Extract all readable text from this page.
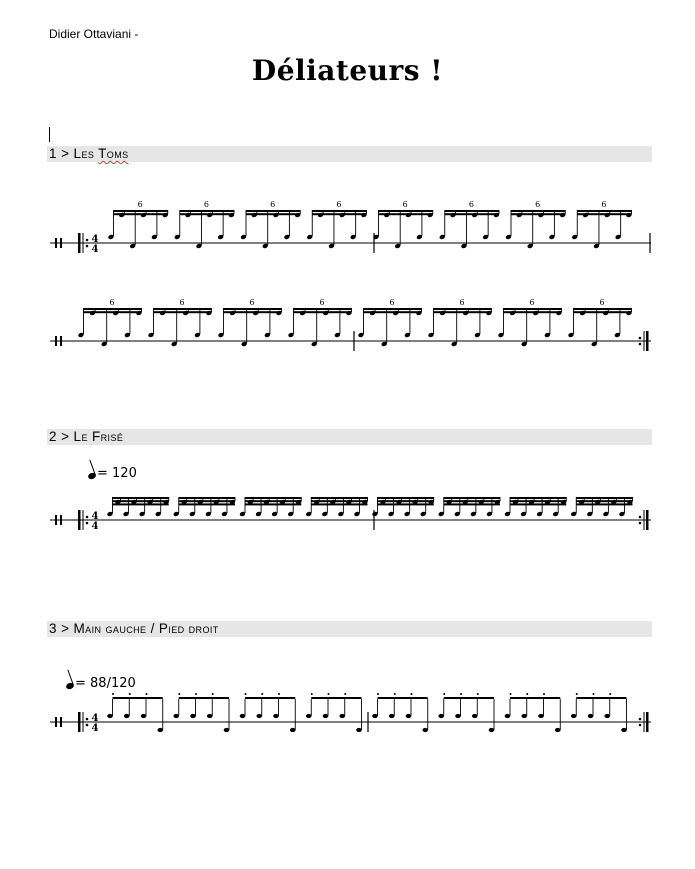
Didier Ottaviani -
Déliateurs !
1 > Les Toms
2 > Le Frisé
= 120
3 > Main gauche / Pied droit
= 88/120
4
4
6	6	6	6	6	6	6	6
6	6	6	6	6	6	6	6
4
4
4
4
